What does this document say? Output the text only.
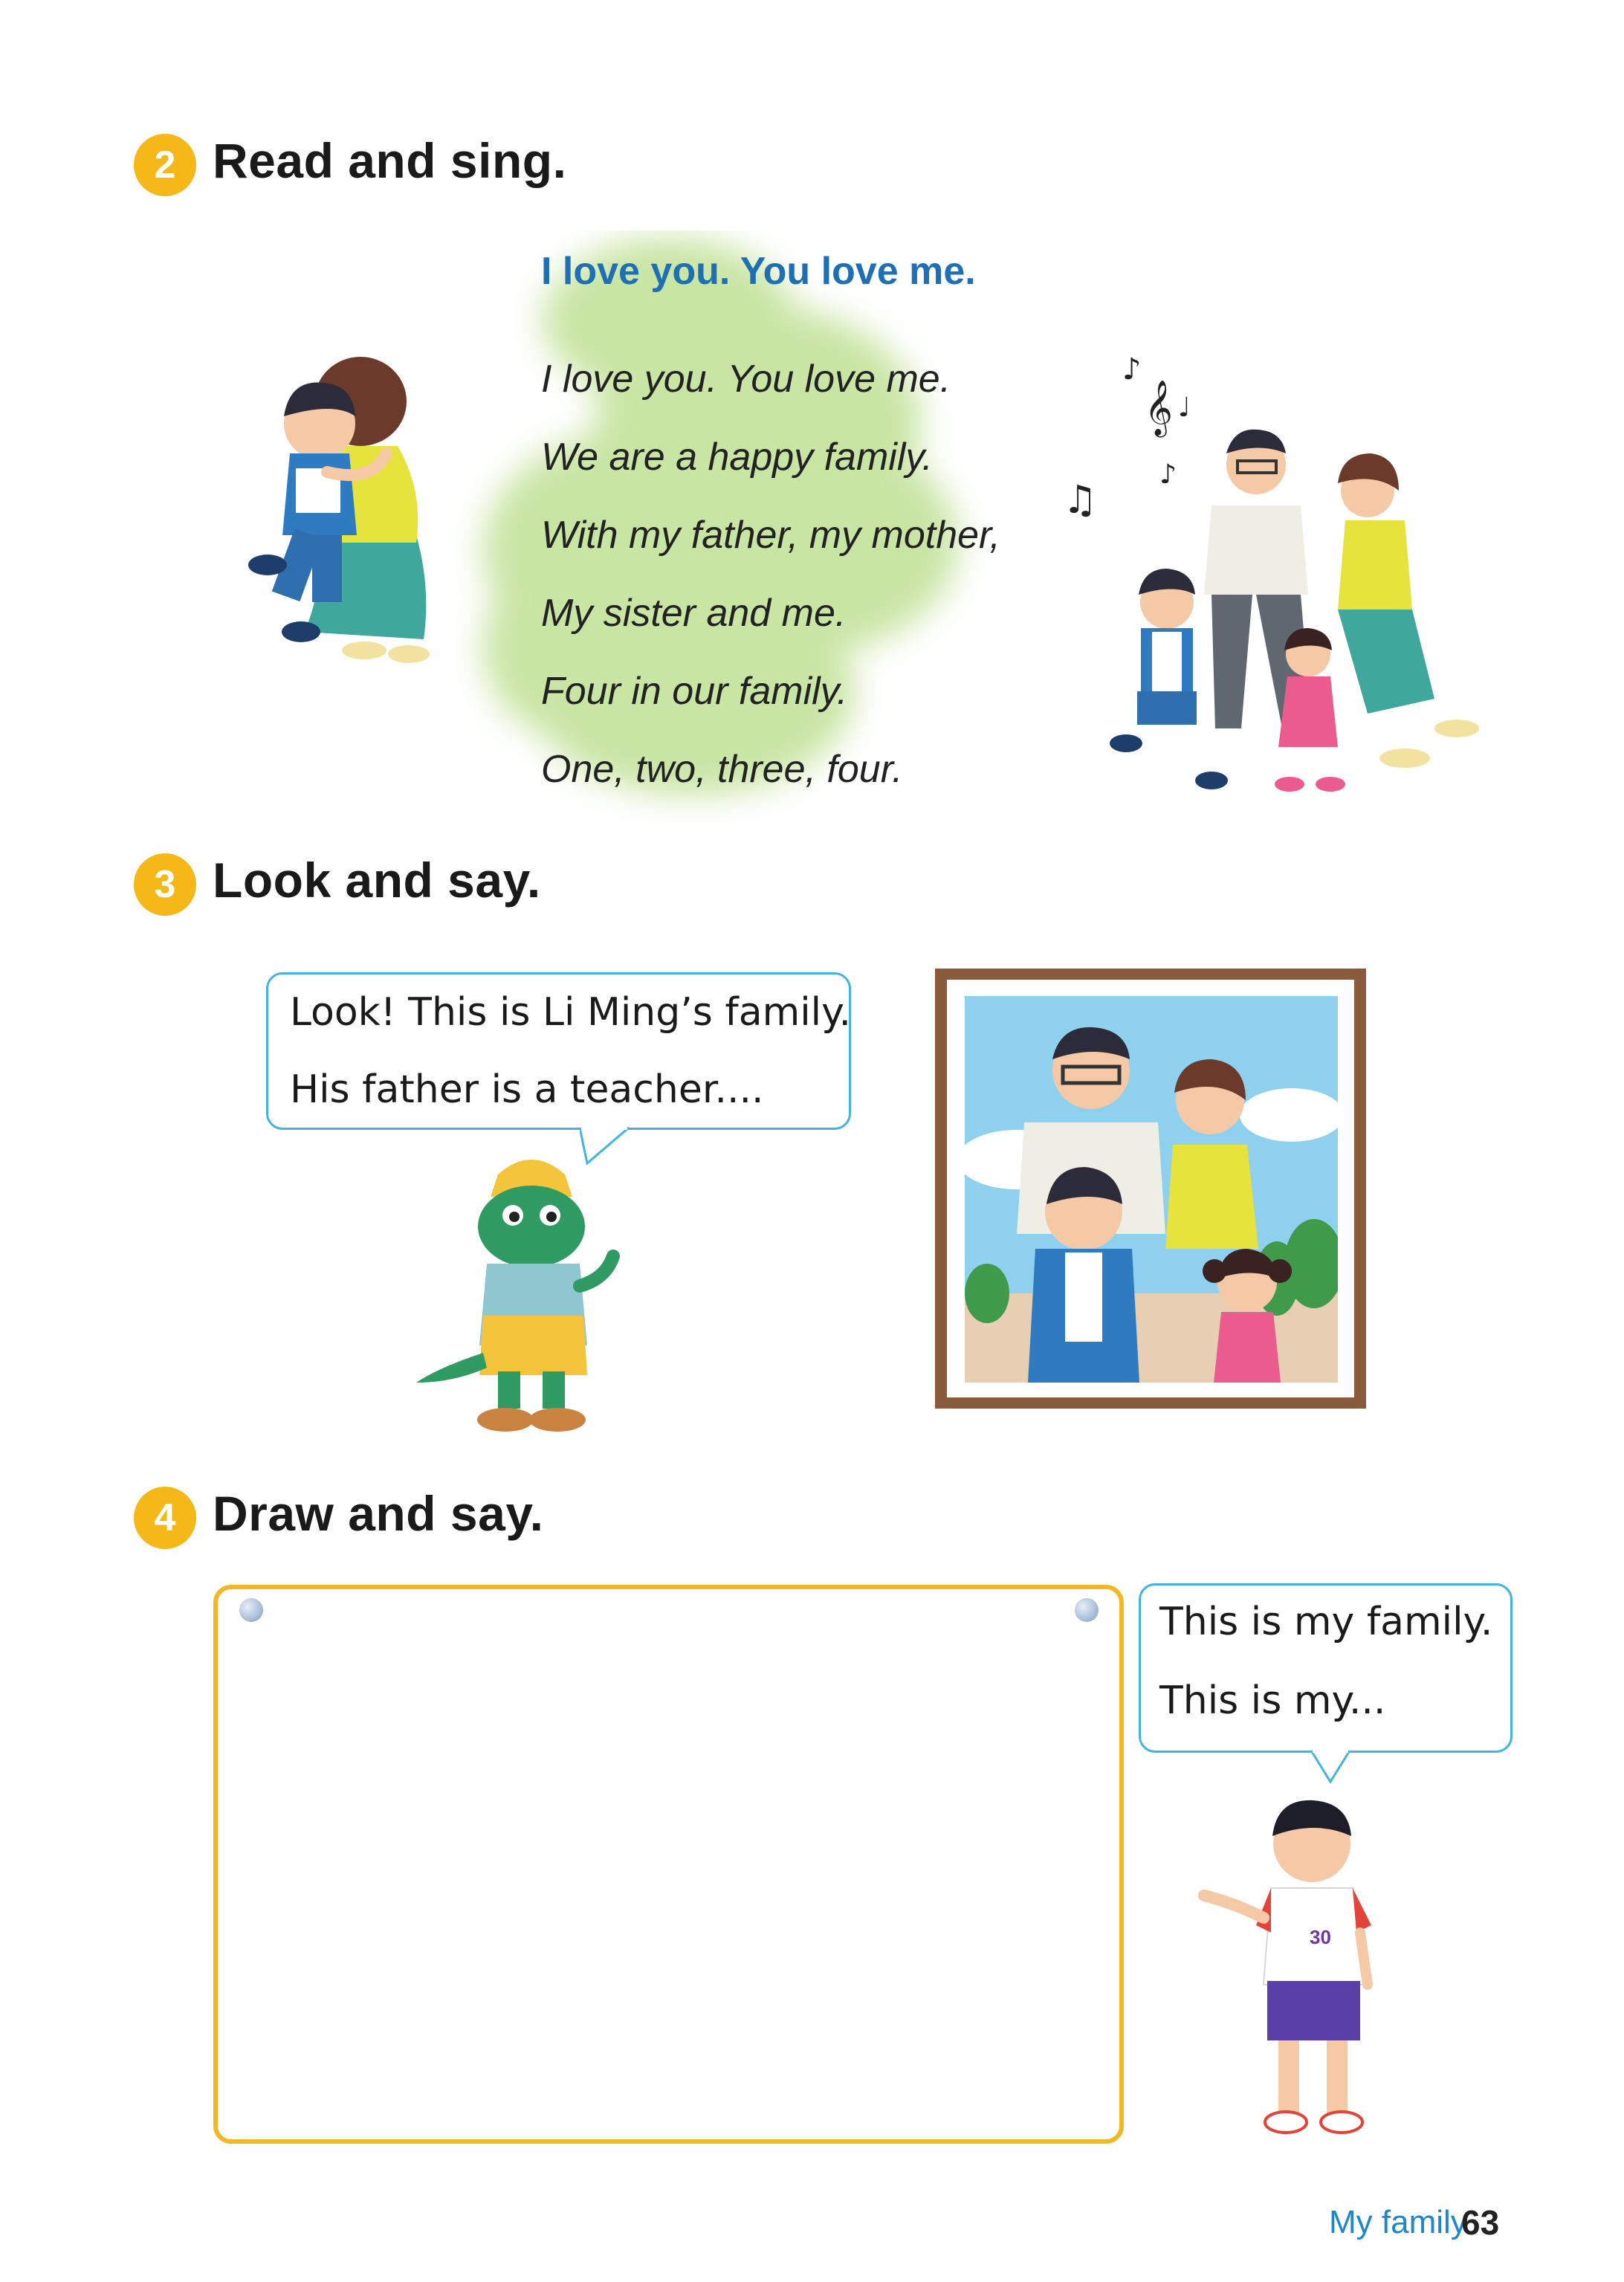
2 Read and sing.
I love you. You love me.
I love you. You love me.
We are a happy family.
With my father, my mother,
My sister and me.
Four in our family.
One, two, three, four.
♪
𝄞 ♩
♪
♫
3 Look and say.
Look! This is Li Ming’s family.
His father is a teacher....
4 Draw and say.
This is my family.
This is my...
30
My family
63
